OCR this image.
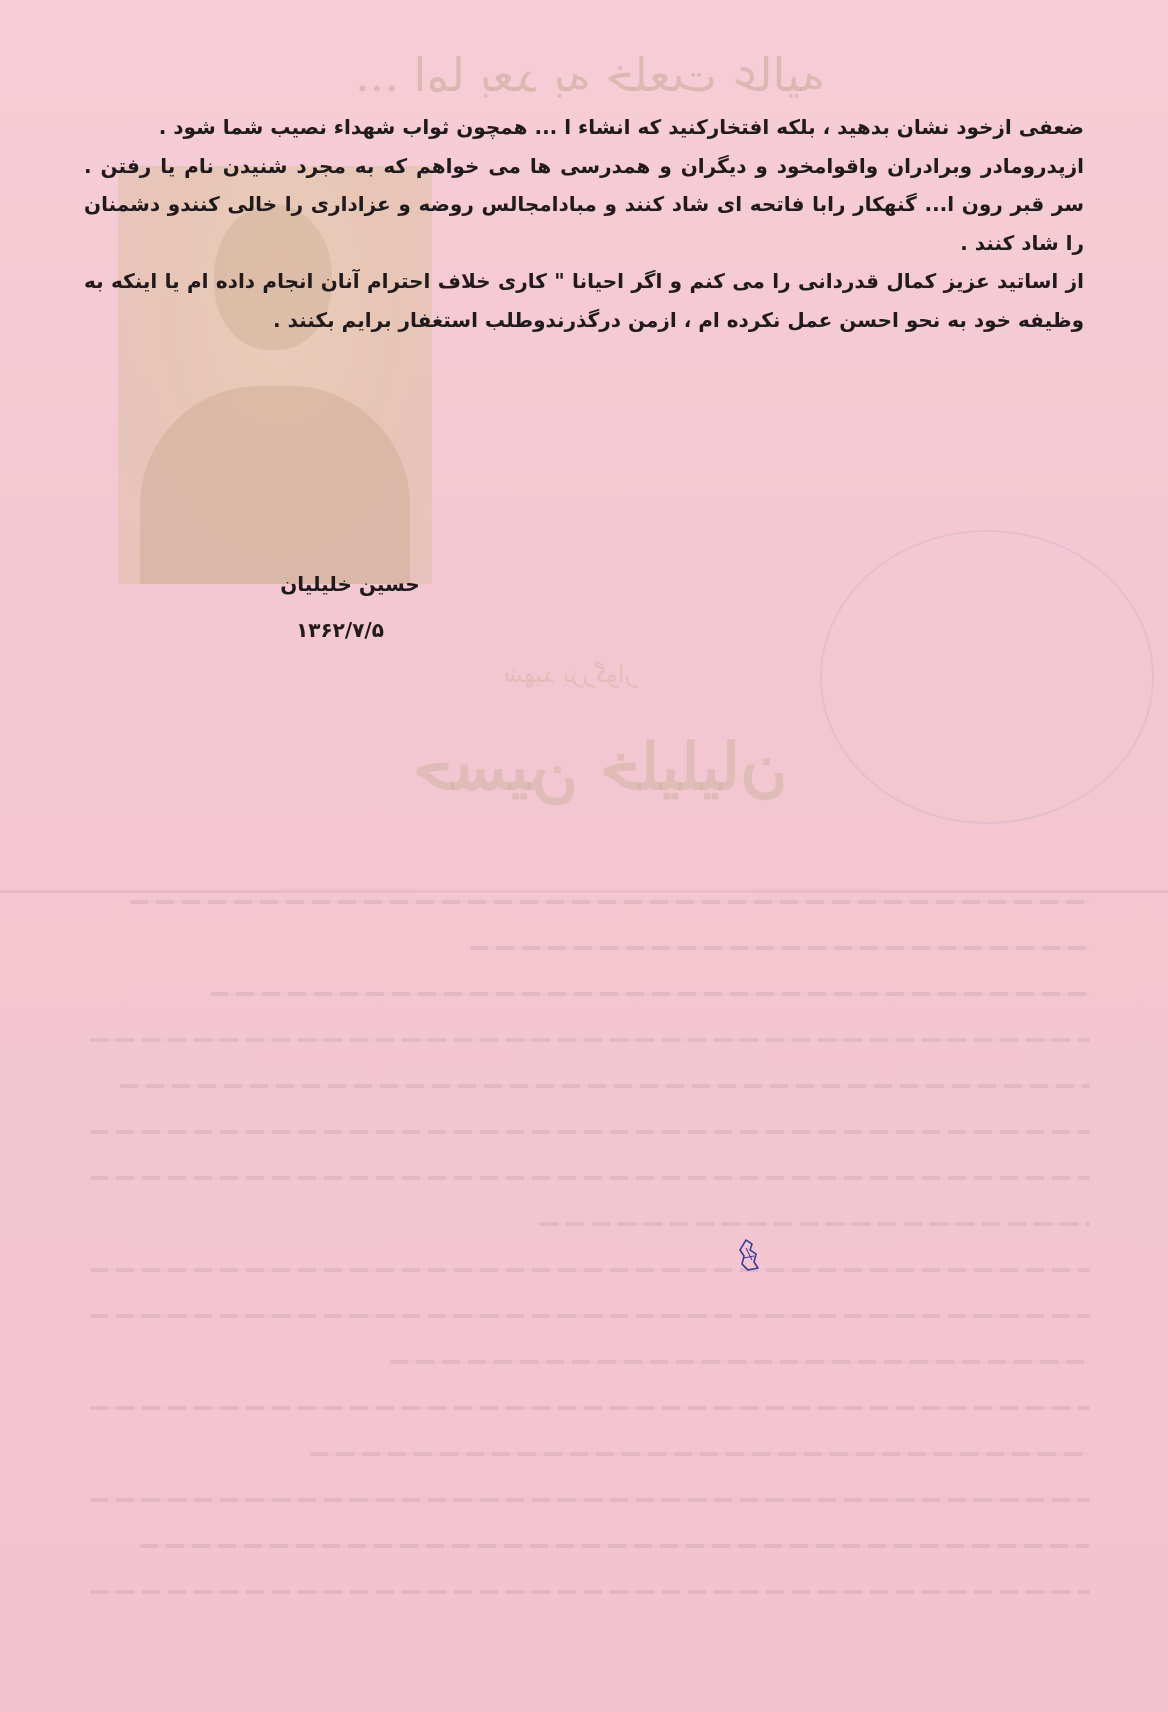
... اما بعد به خلعت عالیه

ضعفی ازخود نشان بدهید ، بلکه افتخارکنید که انشاء ا ... همچون ثواب شهداء نصیب شما شود .

ازپدرومادر وبرادران واقوامخود و دیگران و همدرسی ها می خواهم که به مجرد شنیدن نام یا رفتن . سر قبر رون ا... گنهکار رابا فاتحه ای شاد کنند و مبادامجالس روضه و عزاداری را خالی کنندو دشمنان را شاد کنند .

از اساتید عزیز کمال قدردانی را می کنم و اگر احیانا " کاری خلاف احترام آنان انجام داده ام یا اینکه به وظیفه خود به نحو احسن عمل نکرده ام ، ازمن درگذرندوطلب استغفار برایم بکنند .

حسین خلیلیان
۱۳۶۲/۷/۵
شهید بزرگوار
حسین خلیلیان
